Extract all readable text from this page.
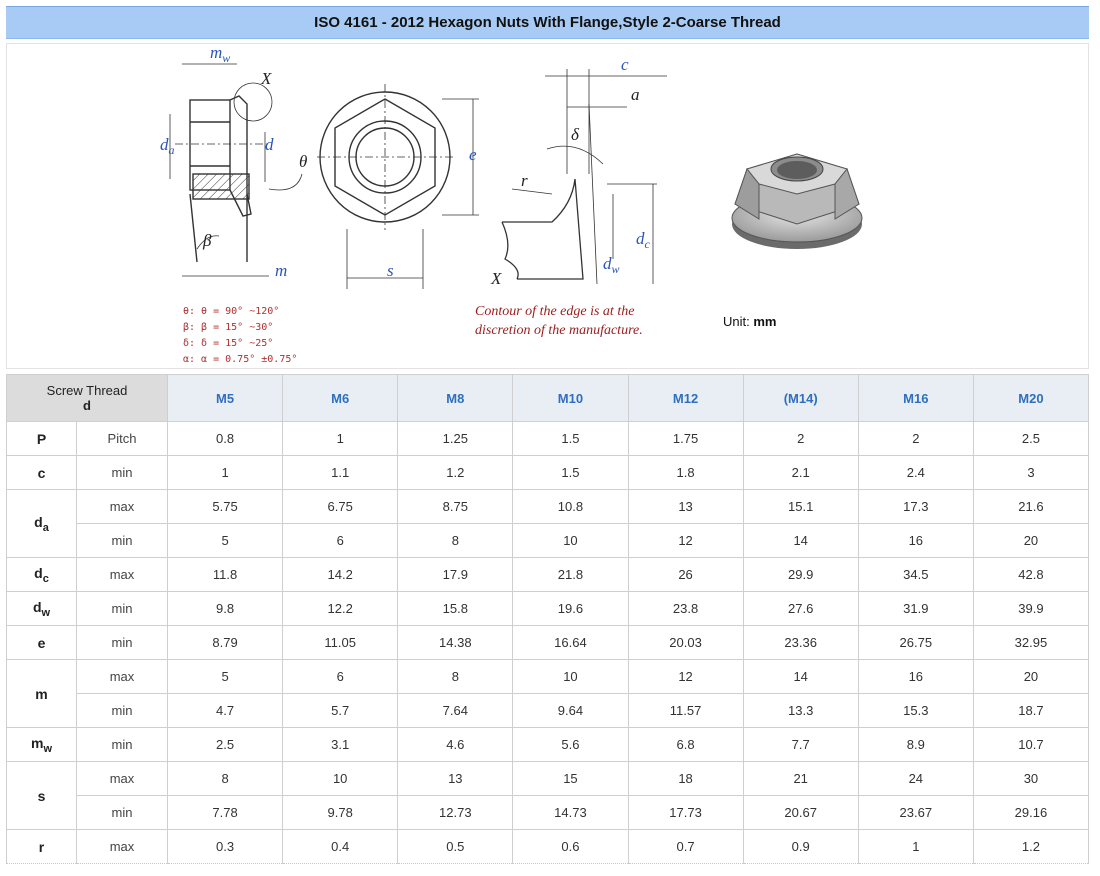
ISO 4161 - 2012 Hexagon Nuts With Flange,Style 2-Coarse Thread
$m_w$
X
$d_a$	d
θ
β
m	s
e
c
a
δ
r
$d_c$
$d_w$
X
θ: θ = 90° ~120°
β: β = 15° ~30°
δ: δ = 15° ~25°
α: α = 0.75° ±0.75°
Contour of the edge is at the
discretion of the manufacture.
Unit: mm
Screw Thread
d		M5	M6	M8	M10	M12	(M14)	M16	M20
P	Pitch	0.8	1	1.25	1.5	1.75	2	2	2.5
c	min	1	1.1	1.2	1.5	1.8	2.1	2.4	3
$d_a$	max	5.75	6.75	8.75	10.8	13	15.1	17.3	21.6
	min	5	6	8	10	12	14	16	20
$d_c$	max	11.8	14.2	17.9	21.8	26	29.9	34.5	42.8
$d_w$	min	9.8	12.2	15.8	19.6	23.8	27.6	31.9	39.9
e	min	8.79	11.05	14.38	16.64	20.03	23.36	26.75	32.95
m	max	5	6	8	10	12	14	16	20
	min	4.7	5.7	7.64	9.64	11.57	13.3	15.3	18.7
$m_w$	min	2.5	3.1	4.6	5.6	6.8	7.7	8.9	10.7
s	max	8	10	13	15	18	21	24	30
	min	7.78	9.78	12.73	14.73	17.73	20.67	23.67	29.16
r	max	0.3	0.4	0.5	0.6	0.7	0.9	1	1.2
